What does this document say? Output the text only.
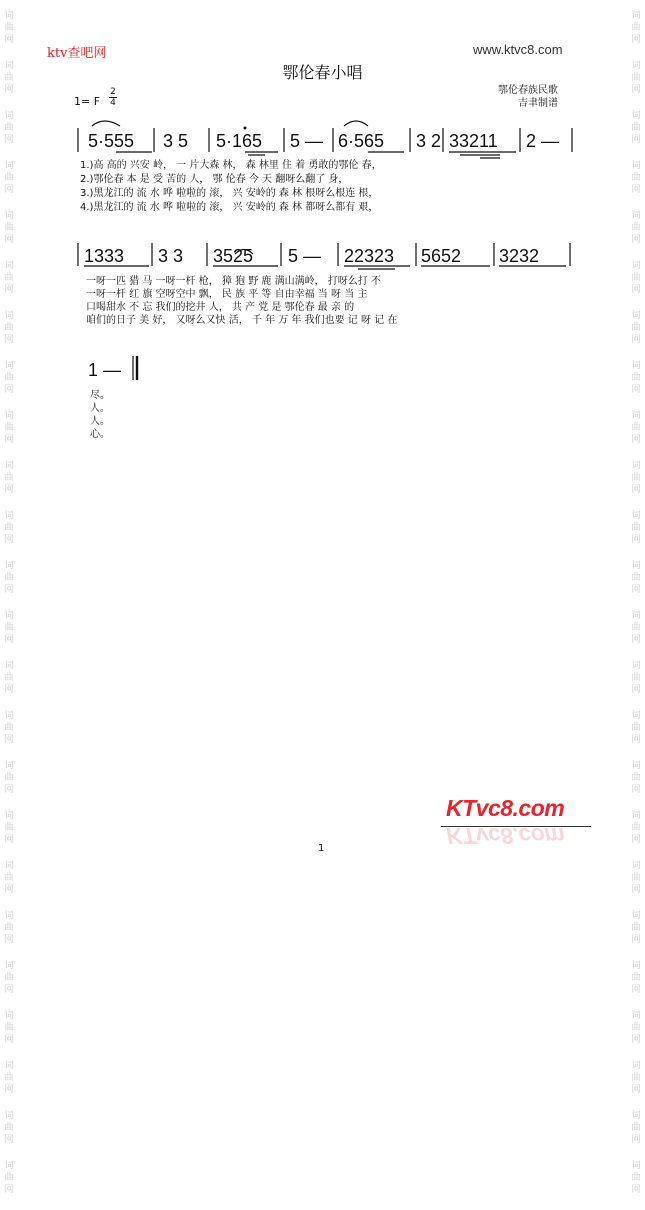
词
曲
网
词
曲
网
词
曲
网
词
曲
网
词
曲
网
词
曲
网
词
曲
网
词
曲
网
词
曲
网
词
曲
网
词
曲
网
词
曲
网
词
曲
网
词
曲
网
词
曲
网
词
曲
网
词
曲
网
词
曲
网
词
曲
网
词
曲
网
词
曲
网
词
曲
网
词
曲
网
词
曲
网
词
曲
网
词
曲
网
词
曲
网
词
曲
网
词
曲
网
词
曲
网
词
曲
网
词
曲
网
词
曲
网
词
曲
网
词
曲
网
词
曲
网
词
曲
网
词
曲
网
词
曲
网
词
曲
网
词
曲
网
词
曲
网
词
曲
网
词
曲
网
词
曲
网
词
曲
网
词
曲
网
词
曲
网
ktv查吧网	www.ktvc8.com
鄂伦春小唱
1= F
2
4
鄂伦春族民歌
吉聿制谱
5·555 3 5 5·165 5 — 6·565 3 2 33211 2 —
1333 3 3 3525 5 — 22323 5652 3232
1 —
1.)高 高的 兴安 岭， 一 片大森 林， 森 林里 住 着 勇敢的鄂伦 春，
2.)鄂伦春 本 是 受 苦的 人， 鄂 伦春 今 天 翻呀么翻了 身，
3.)黑龙江的 流 水 哗 啦啦的 滚， 兴 安岭的 森 林 根呀么根连 根，
4.)黑龙江的 流 水 哗 啦啦的 滚， 兴 安岭的 森 林 都呀么都有 艰，
一呀一匹 猎 马 一呀一杆 枪， 獐 狍 野 鹿 满山满岭， 打呀么打 不
一呀一杆 红 旗 空呀空中 飘， 民 族 平 等 自由幸福 当 呀 当 主
口喝甜水 不 忘 我们的挖井 人， 共 产 党 是 鄂伦春 最 亲 的
咱们的日子 美 好， 又呀么又快 活， 千 年 万 年 我们也要 记 呀 记 在
尽。
人。
人。
心。
KTvc8.com
KTvc8.com
1
